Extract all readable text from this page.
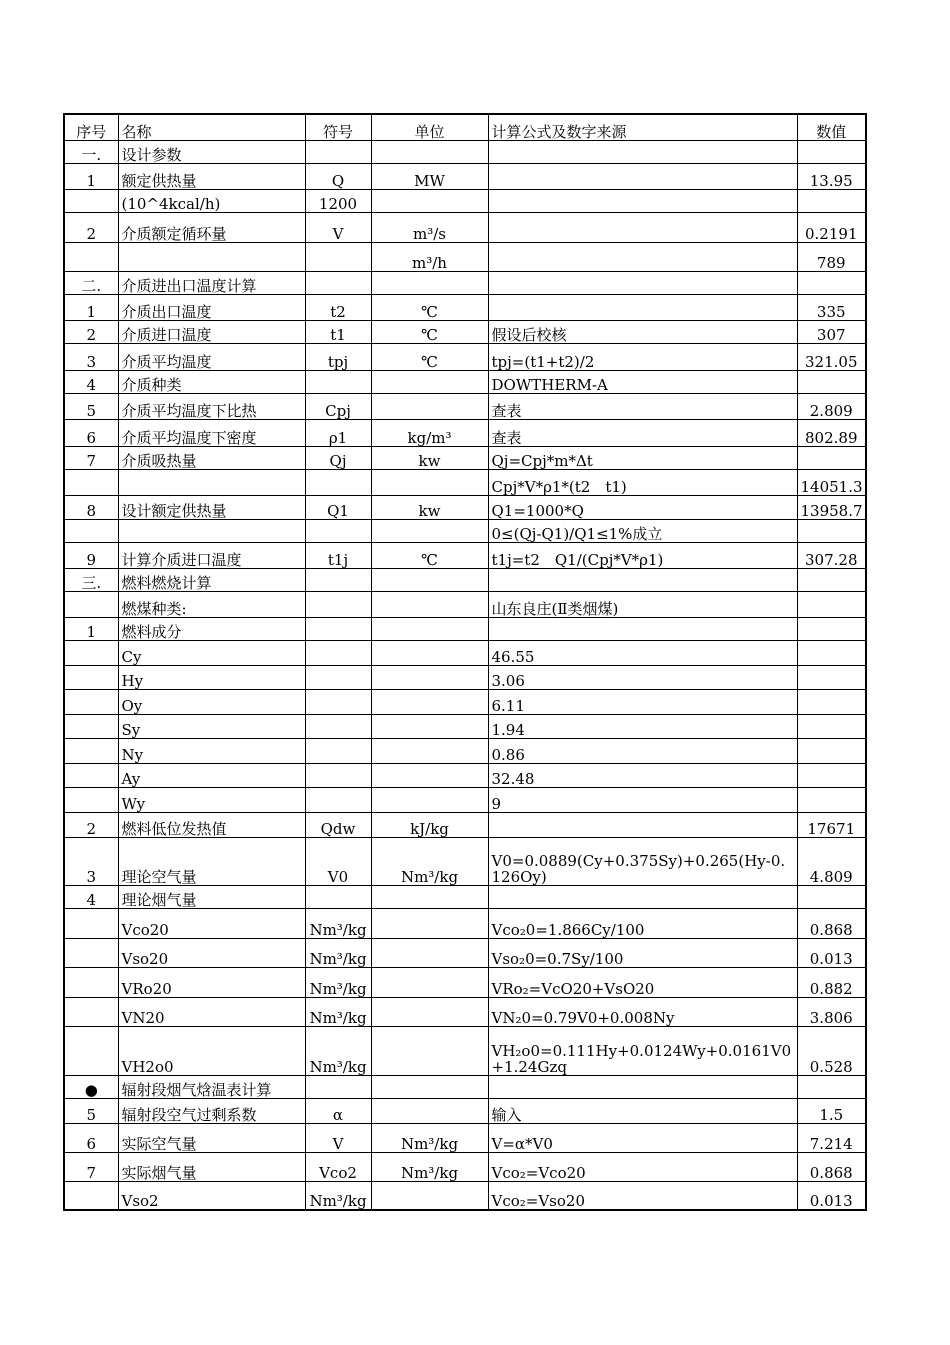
序号	名称	符号	单位	计算公式及数字来源	数值
一.	设计参数				
1	额定供热量	Q	MW		13.95
	(10^4kcal/h)	1200			
2	介质额定循环量	V	m³/s		0.2191
			m³/h		789
二.	介质进出口温度计算				
1	介质出口温度	t2	℃		335
2	介质进口温度	t1	℃	假设后校核	307
3	介质平均温度	tpj	℃	tpj=(t1+t2)/2	321.05
4	介质种类			DOWTHERM-A	
5	介质平均温度下比热	Cpj		查表	2.809
6	介质平均温度下密度	ρ1	kg/m³	查表	802.89
7	介质吸热量	Qj	kw	Qj=Cpj*m*Δt	
				Cpj*V*ρ1*(t2　t1)	14051.3
8	设计额定供热量	Q1	kw	Q1=1000*Q	13958.7
				0≤(Qj-Q1)/Q1≤1%成立	
9	计算介质进口温度	t1j	℃	t1j=t2　Q1/(Cpj*V*ρ1)	307.28
三.	燃料燃烧计算				
	燃煤种类:			山东良庄(Ⅱ类烟煤)	
1	燃料成分				
	Cy			46.55	
	Hy			3.06	
	Oy			6.11	
	Sy			1.94	
	Ny			0.86	
	Ay			32.48	
	Wy			9	
2	燃料低位发热值	Qdw	kJ/kg		17671
3	理论空气量	V0	Nm³/kg	V0=0.0889(Cy+0.375Sy)+0.265(Hy-0.126Oy)	4.809
4	理论烟气量				
	Vco20	Nm³/kg		Vco₂0=1.866Cy/100	0.868
	Vso20	Nm³/kg		Vso₂0=0.7Sy/100	0.013
	VRo20	Nm³/kg		VRo₂=VcO20+VsO20	0.882
	VN20	Nm³/kg		VN₂0=0.79V0+0.008Ny	3.806
	VH2o0	Nm³/kg		VH₂o0=0.111Hy+0.0124Wy+0.0161V0+1.24Gzq	0.528
●	辐射段烟气焓温表计算				
5	辐射段空气过剩系数	α		输入	1.5
6	实际空气量	V	Nm³/kg	V=α*V0	7.214
7	实际烟气量	Vco2	Nm³/kg	Vco₂=Vco20	0.868
	Vso2	Nm³/kg		Vco₂=Vso20	0.013
